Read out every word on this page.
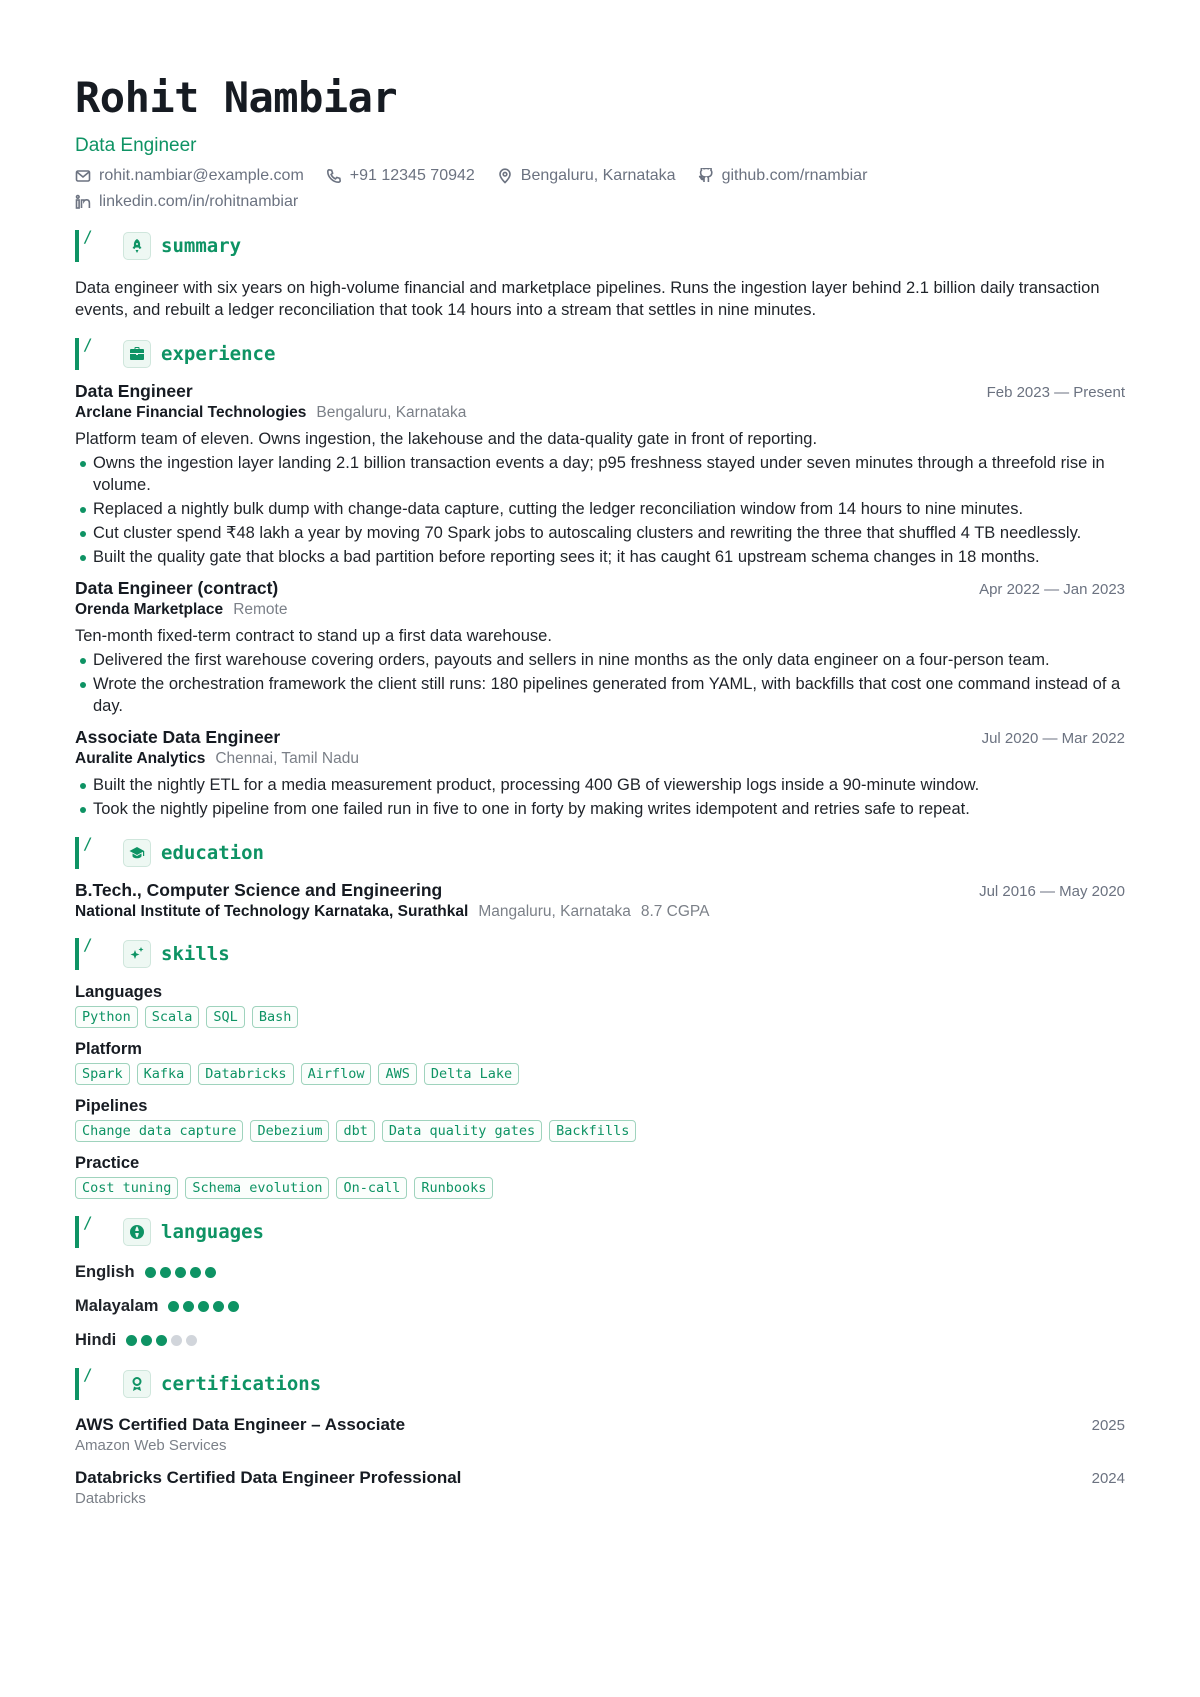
Rohit Nambiar
Data Engineer
rohit.nambiar@example.com	+91 12345 70942	Bengaluru, Karnataka	github.com/rnambiar
linkedin.com/in/rohitnambiar
/	summary
Data engineer with six years on high-volume financial and marketplace pipelines. Runs the ingestion layer behind 2.1 billion daily transaction events, and rebuilt a ledger reconciliation that took 14 hours into a stream that settles in nine minutes.
/	experience
Data Engineer	Feb 2023 — Present
Arclane Financial Technologies Bengaluru, Karnataka
Platform team of eleven. Owns ingestion, the lakehouse and the data-quality gate in front of reporting.
Owns the ingestion layer landing 2.1 billion transaction events a day; p95 freshness stayed under seven minutes through a threefold rise in volume.
Replaced a nightly bulk dump with change-data capture, cutting the ledger reconciliation window from 14 hours to nine minutes.
Cut cluster spend ₹48 lakh a year by moving 70 Spark jobs to autoscaling clusters and rewriting the three that shuffled 4 TB needlessly.
Built the quality gate that blocks a bad partition before reporting sees it; it has caught 61 upstream schema changes in 18 months.
Data Engineer (contract)	Apr 2022 — Jan 2023
Orenda Marketplace Remote
Ten-month fixed-term contract to stand up a first data warehouse.
Delivered the first warehouse covering orders, payouts and sellers in nine months as the only data engineer on a four-person team.
Wrote the orchestration framework the client still runs: 180 pipelines generated from YAML, with backfills that cost one command instead of a day.
Associate Data Engineer	Jul 2020 — Mar 2022
Auralite Analytics Chennai, Tamil Nadu
Built the nightly ETL for a media measurement product, processing 400 GB of viewership logs inside a 90-minute window.
Took the nightly pipeline from one failed run in five to one in forty by making writes idempotent and retries safe to repeat.
/	education
B.Tech., Computer Science and Engineering	Jul 2016 — May 2020
National Institute of Technology Karnataka, Surathkal Mangaluru, Karnataka 8.7 CGPA
/	skills
Languages
Python	Scala	SQL	Bash
Platform
Spark	Kafka	Databricks	Airflow	AWS	Delta Lake
Pipelines
Change data capture	Debezium	dbt	Data quality gates	Backfills
Practice
Cost tuning	Schema evolution	On-call	Runbooks
/	languages
English
Malayalam
Hindi
/	certifications
AWS Certified Data Engineer – Associate	2025
Amazon Web Services
Databricks Certified Data Engineer Professional	2024
Databricks
